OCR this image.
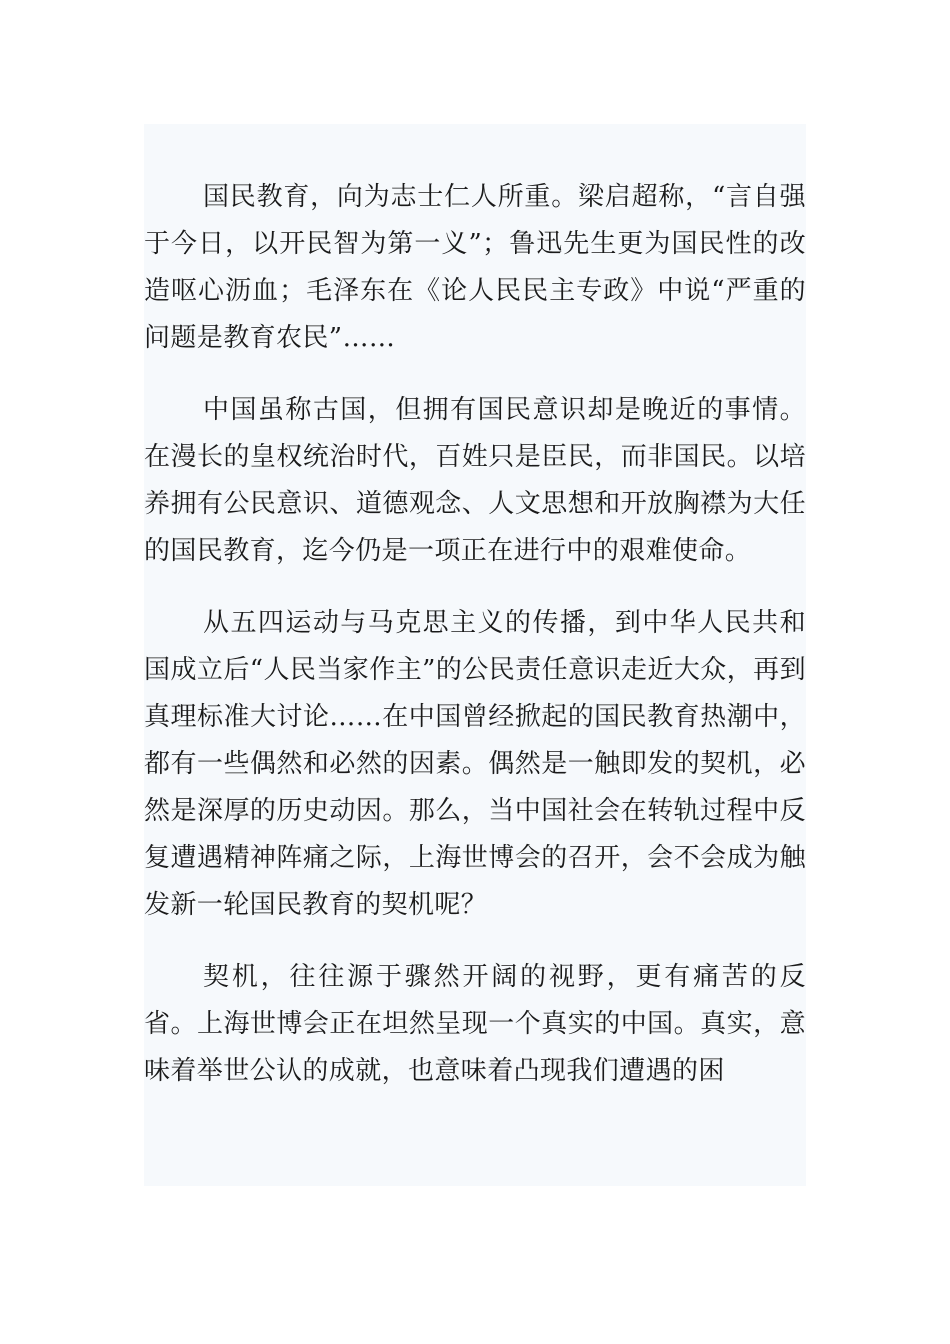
国民教育，向为志士仁人所重。梁启超称，“言自强于今日，以开民智为第一义”；鲁迅先生更为国民性的改造呕心沥血；毛泽东在《论人民民主专政》中说“严重的问题是教育农民”……

中国虽称古国，但拥有国民意识却是晚近的事情。在漫长的皇权统治时代，百姓只是臣民，而非国民。以培养拥有公民意识、道德观念、人文思想和开放胸襟为大任的国民教育，迄今仍是一项正在进行中的艰难使命。

从五四运动与马克思主义的传播，到中华人民共和国成立后“人民当家作主”的公民责任意识走近大众，再到真理标准大讨论……在中国曾经掀起的国民教育热潮中，都有一些偶然和必然的因素。偶然是一触即发的契机，必然是深厚的历史动因。那么，当中国社会在转轨过程中反复遭遇精神阵痛之际，上海世博会的召开，会不会成为触发新一轮国民教育的契机呢？

契机，往往源于骤然开阔的视野，更有痛苦的反省。上海世博会正在坦然呈现一个真实的中国。真实，意味着举世公认的成就，也意味着凸现我们遭遇的困
